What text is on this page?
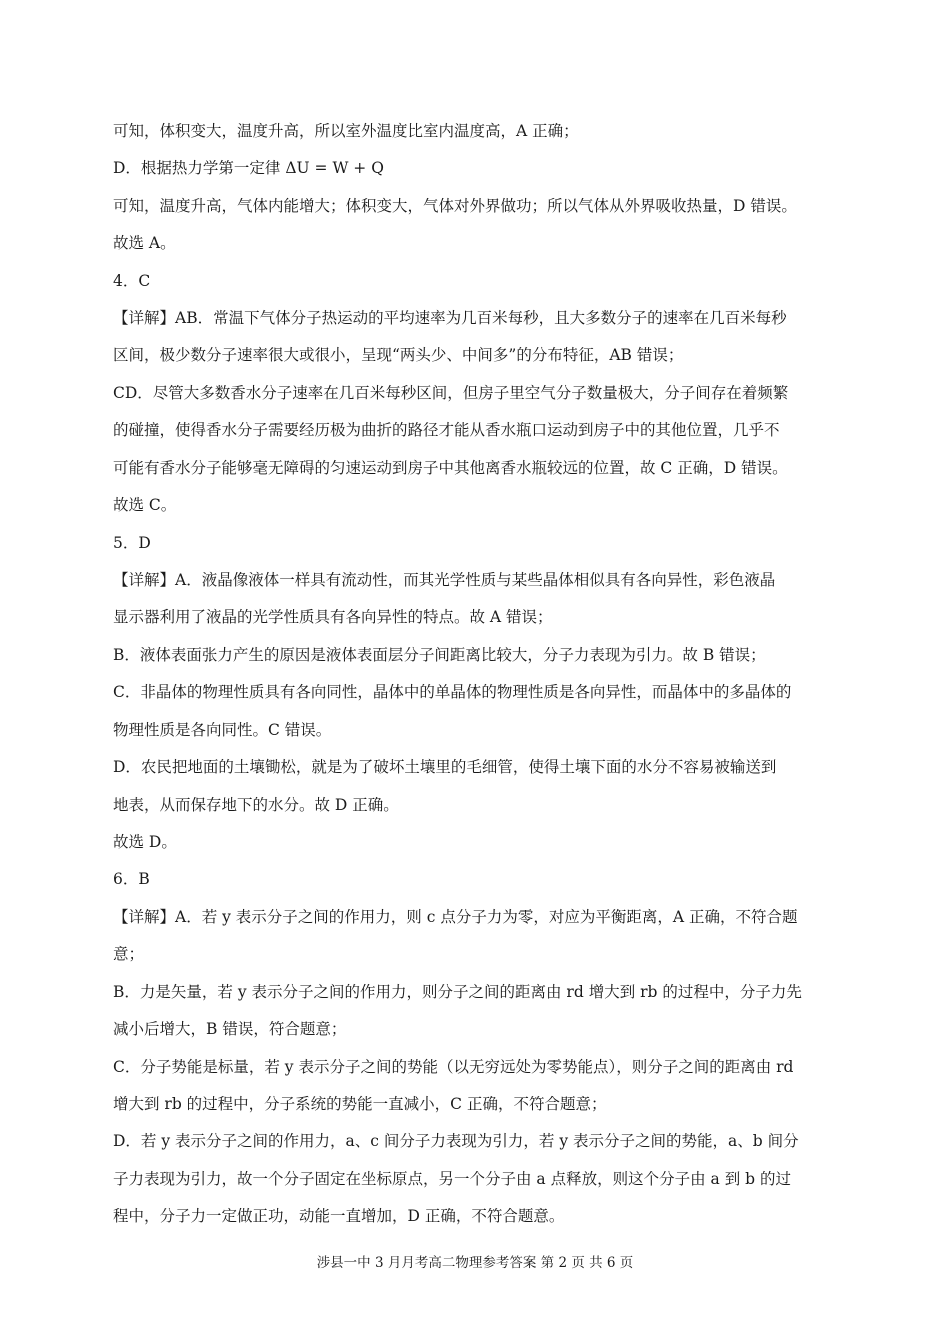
可知，体积变大，温度升高，所以室外温度比室内温度高，A 正确；
D．根据热力学第一定律 ΔU = W + Q
可知，温度升高，气体内能增大；体积变大，气体对外界做功；所以气体从外界吸收热量，D 错误。
故选 A。
4．C
【详解】AB．常温下气体分子热运动的平均速率为几百米每秒，且大多数分子的速率在几百米每秒
区间，极少数分子速率很大或很小，呈现“两头少、中间多”的分布特征，AB 错误；
CD．尽管大多数香水分子速率在几百米每秒区间，但房子里空气分子数量极大，分子间存在着频繁
的碰撞，使得香水分子需要经历极为曲折的路径才能从香水瓶口运动到房子中的其他位置，几乎不
可能有香水分子能够毫无障碍的匀速运动到房子中其他离香水瓶较远的位置，故 C 正确，D 错误。
故选 C。
5．D
【详解】A．液晶像液体一样具有流动性，而其光学性质与某些晶体相似具有各向异性，彩色液晶
显示器利用了液晶的光学性质具有各向异性的特点。故 A 错误；
B．液体表面张力产生的原因是液体表面层分子间距离比较大，分子力表现为引力。故 B 错误；
C．非晶体的物理性质具有各向同性，晶体中的单晶体的物理性质是各向异性，而晶体中的多晶体的
物理性质是各向同性。C 错误。
D．农民把地面的土壤锄松，就是为了破坏土壤里的毛细管，使得土壤下面的水分不容易被输送到
地表，从而保存地下的水分。故 D 正确。
故选 D。
6．B
【详解】A．若 y 表示分子之间的作用力，则 c 点分子力为零，对应为平衡距离，A 正确，不符合题
意；
B．力是矢量，若 y 表示分子之间的作用力，则分子之间的距离由 rd 增大到 rb 的过程中，分子力先
减小后增大，B 错误，符合题意；
C．分子势能是标量，若 y 表示分子之间的势能（以无穷远处为零势能点），则分子之间的距离由 rd
增大到 rb 的过程中，分子系统的势能一直减小，C 正确，不符合题意；
D．若 y 表示分子之间的作用力，a、c 间分子力表现为引力，若 y 表示分子之间的势能，a、b 间分
子力表现为引力，故一个分子固定在坐标原点，另一个分子由 a 点释放，则这个分子由 a 到 b 的过
程中，分子力一定做正功，动能一直增加，D 正确，不符合题意。
涉县一中 3 月月考高二物理参考答案 第 2 页 共 6 页
